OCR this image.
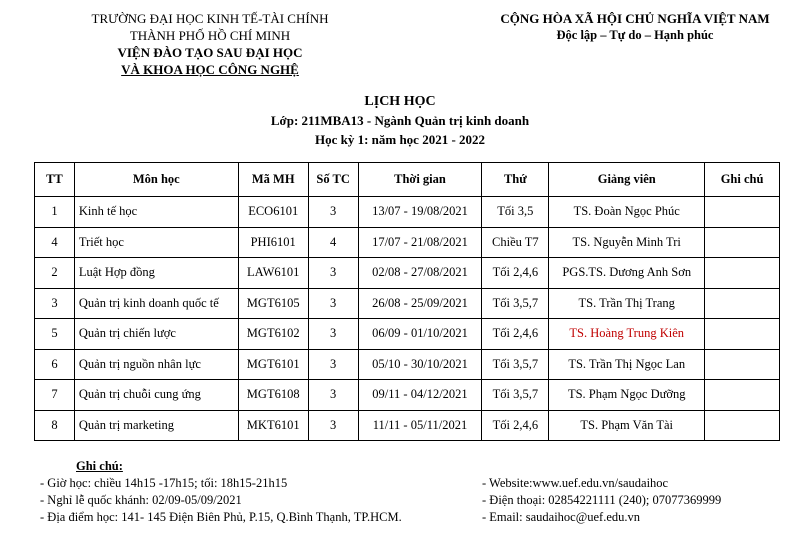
TRƯỜNG ĐẠI HỌC KINH TẾ-TÀI CHÍNH
THÀNH PHỐ HỒ CHÍ MINH
VIỆN ĐÀO TẠO SAU ĐẠI HỌC
VÀ KHOA HỌC CÔNG NGHỆ
CỘNG HÒA XÃ HỘI CHỦ NGHĨA VIỆT NAM
Độc lập – Tự do – Hạnh phúc
LỊCH HỌC
Lớp: 211MBA13 - Ngành Quản trị kinh doanh
Học kỳ 1: năm học 2021 - 2022
TT	Môn học	Mã MH	Số TC	Thời gian	Thứ	Giảng viên	Ghi chú
1	Kinh tế học	ECO6101	3	13/07 - 19/08/2021	Tối 3,5	TS. Đoàn Ngọc Phúc	
4	Triết học	PHI6101	4	17/07 - 21/08/2021	Chiều T7	TS. Nguyễn Minh Tri	
2	Luật Hợp đồng	LAW6101	3	02/08 - 27/08/2021	Tối 2,4,6	PGS.TS. Dương Anh Sơn	
3	Quản trị kinh doanh quốc tế	MGT6105	3	26/08 - 25/09/2021	Tối 3,5,7	TS. Trần Thị Trang	
5	Quản trị chiến lược	MGT6102	3	06/09 - 01/10/2021	Tối 2,4,6	TS. Hoàng Trung Kiên	
6	Quản trị nguồn nhân lực	MGT6101	3	05/10 - 30/10/2021	Tối 3,5,7	TS. Trần Thị Ngọc Lan	
7	Quản trị chuỗi cung ứng	MGT6108	3	09/11 - 04/12/2021	Tối 3,5,7	TS. Phạm Ngọc Dưỡng	
8	Quản trị marketing	MKT6101	3	11/11 - 05/11/2021	Tối 2,4,6	TS. Phạm Văn Tài	
Ghi chú:
- Giờ học: chiều 14h15 -17h15; tối: 18h15-21h15
- Nghỉ lễ quốc khánh: 02/09-05/09/2021
- Địa điểm học: 141- 145 Điện Biên Phủ, P.15, Q.Bình Thạnh, TP.HCM.
- Website:www.uef.edu.vn/saudaihoc
- Điện thoại: 02854221111 (240); 07077369999
- Email: saudaihoc@uef.edu.vn
